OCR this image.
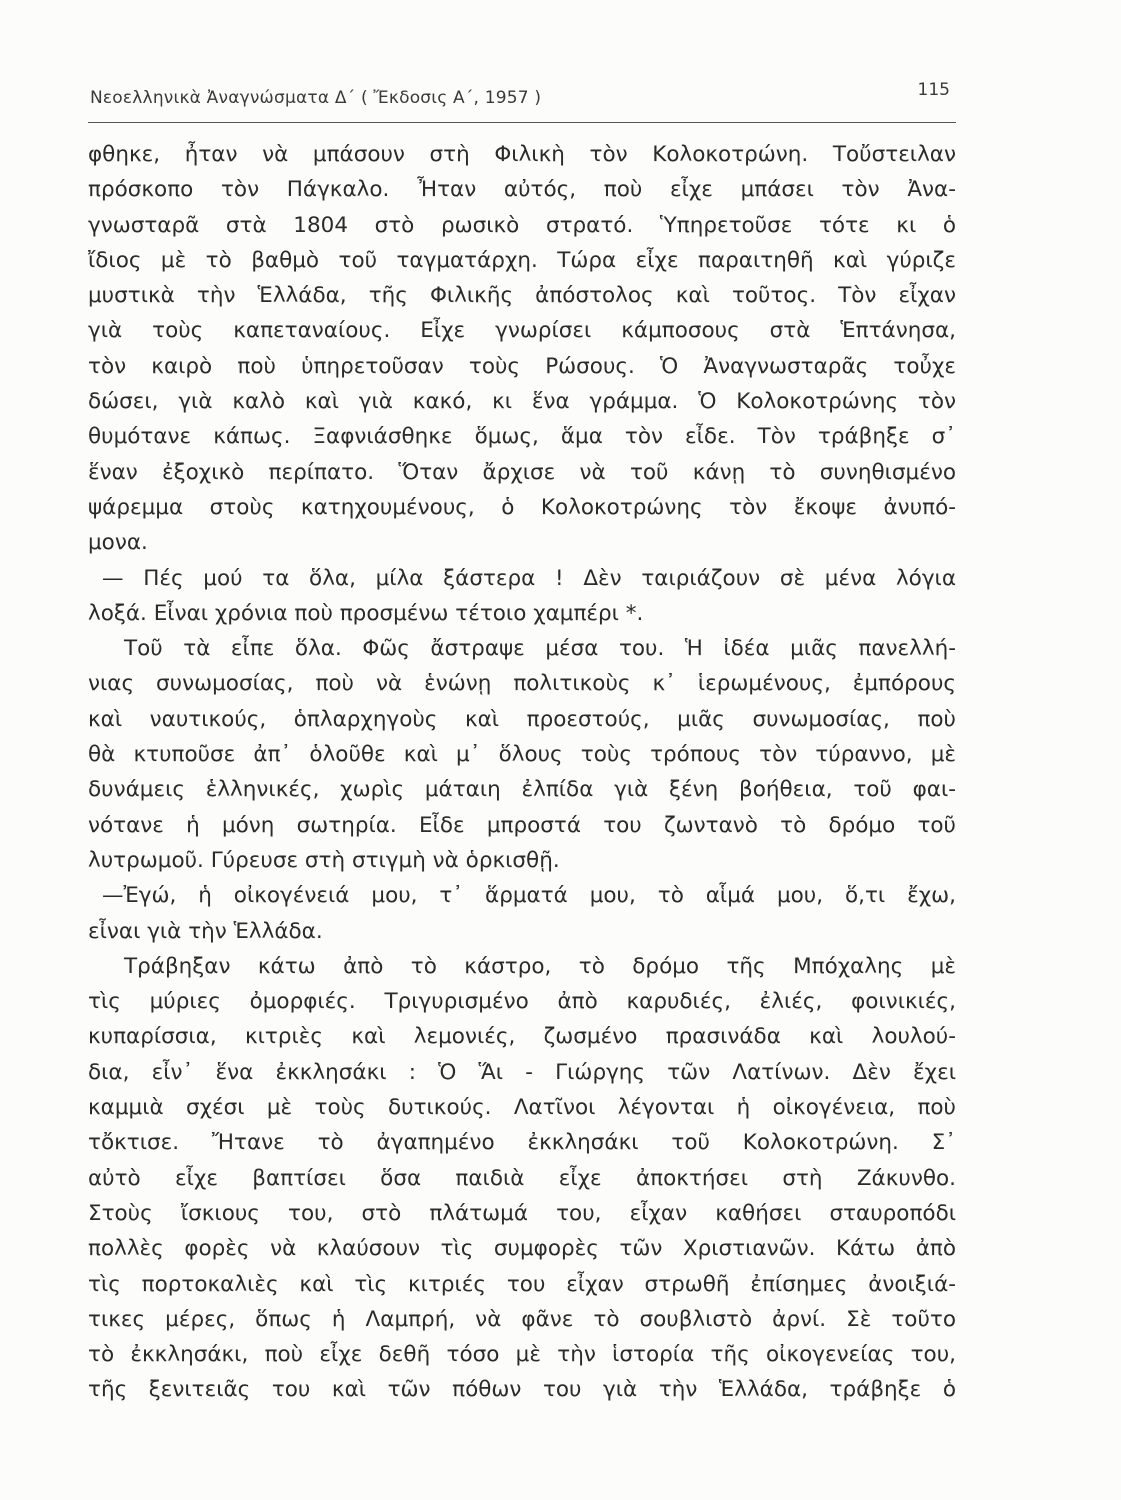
Νεοελληνικὰ Ἀναγνώσματα Δ΄ ( Ἔκδοσις Α΄, 1957 )	115
φθηκε, ἦταν νὰ μπάσουν στὴ Φιλικὴ τὸν Κολοκοτρώνη. Τοὔστειλαν
πρόσκοπο τὸν Πάγκαλο. Ἦταν αὐτός, ποὺ εἶχε μπάσει τὸν Ἀνα-
γνωσταρᾶ στὰ 1804 στὸ ρωσικὸ στρατό. Ὑπηρετοῦσε τότε κι ὁ
ἴδιος μὲ τὸ βαθμὸ τοῦ ταγματάρχη. Τώρα εἶχε παραιτηθῆ καὶ γύριζε
μυστικὰ τὴν Ἑλλάδα, τῆς Φιλικῆς ἀπόστολος καὶ τοῦτος. Τὸν εἶχαν
γιὰ τοὺς καπεταναίους. Εἶχε γνωρίσει κάμποσους στὰ Ἑπτάνησα,
τὸν καιρὸ ποὺ ὑπηρετοῦσαν τοὺς Ρώσους. Ὁ Ἀναγνωσταρᾶς τοὖχε
δώσει, γιὰ καλὸ καὶ γιὰ κακό, κι ἕνα γράμμα. Ὁ Κολοκοτρώνης τὸν
θυμότανε κάπως. Ξαφνιάσθηκε ὅμως, ἅμα τὸν εἶδε. Τὸν τράβηξε σ᾿
ἕναν ἐξοχικὸ περίπατο. Ὅταν ἄρχισε νὰ τοῦ κάνῃ τὸ συνηθισμένο
ψάρεμμα στοὺς κατηχουμένους, ὁ Κολοκοτρώνης τὸν ἔκοψε ἀνυπό-
μονα.
— Πές μού τα ὅλα, μίλα ξάστερα ! Δὲν ταιριάζουν σὲ μένα λόγια
λοξά. Εἶναι χρόνια ποὺ προσμένω τέτοιο χαμπέρι *.
Τοῦ τὰ εἶπε ὅλα. Φῶς ἄστραψε μέσα του. Ἡ ἰδέα μιᾶς πανελλή-
νιας συνωμοσίας, ποὺ νὰ ἑνώνῃ πολιτικοὺς κ᾿ ἱερωμένους, ἐμπόρους
καὶ ναυτικούς, ὁπλαρχηγοὺς καὶ προεστούς, μιᾶς συνωμοσίας, ποὺ
θὰ κτυποῦσε ἀπ᾿ ὁλοῦθε καὶ μ᾿ ὅλους τοὺς τρόπους τὸν τύραννο, μὲ
δυνάμεις ἑλληνικές, χωρὶς μάταιη ἐλπίδα γιὰ ξένη βοήθεια, τοῦ φαι-
νότανε ἡ μόνη σωτηρία. Εἶδε μπροστά του ζωντανὸ τὸ δρόμο τοῦ
λυτρωμοῦ. Γύρευσε στὴ στιγμὴ νὰ ὁρκισθῇ.
—Ἐγώ, ἡ οἰκογένειά μου, τ᾿ ἅρματά μου, τὸ αἷμά μου, ὅ,τι ἔχω,
εἶναι γιὰ τὴν Ἑλλάδα.
Τράβηξαν κάτω ἀπὸ τὸ κάστρο, τὸ δρόμο τῆς Μπόχαλης μὲ
τὶς μύριες ὀμορφιές. Τριγυρισμένο ἀπὸ καρυδιές, ἐλιές, φοινικιές,
κυπαρίσσια, κιτριὲς καὶ λεμονιές, ζωσμένο πρασινάδα καὶ λουλού-
δια, εἶν᾿ ἕνα ἐκκλησάκι : Ὁ Ἅι - Γιώργης τῶν Λατίνων. Δὲν ἔχει
καμμιὰ σχέσι μὲ τοὺς δυτικούς. Λατῖνοι λέγονται ἡ οἰκογένεια, ποὺ
τὄκτισε. Ἤτανε τὸ ἀγαπημένο ἐκκλησάκι τοῦ Κολοκοτρώνη. Σ᾿
αὐτὸ εἶχε βαπτίσει ὅσα παιδιὰ εἶχε ἀποκτήσει στὴ Ζάκυνθο.
Στοὺς ἴσκιους του, στὸ πλάτωμά του, εἶχαν καθήσει σταυροπόδι
πολλὲς φορὲς νὰ κλαύσουν τὶς συμφορὲς τῶν Χριστιανῶν. Κάτω ἀπὸ
τὶς πορτοκαλιὲς καὶ τὶς κιτριές του εἶχαν στρωθῆ ἐπίσημες ἀνοιξιά-
τικες μέρες, ὅπως ἡ Λαμπρή, νὰ φᾶνε τὸ σουβλιστὸ ἀρνί. Σὲ τοῦτο
τὸ ἐκκλησάκι, ποὺ εἶχε δεθῆ τόσο μὲ τὴν ἱστορία τῆς οἰκογενείας του,
τῆς ξενιτειᾶς του καὶ τῶν πόθων του γιὰ τὴν Ἑλλάδα, τράβηξε ὁ
